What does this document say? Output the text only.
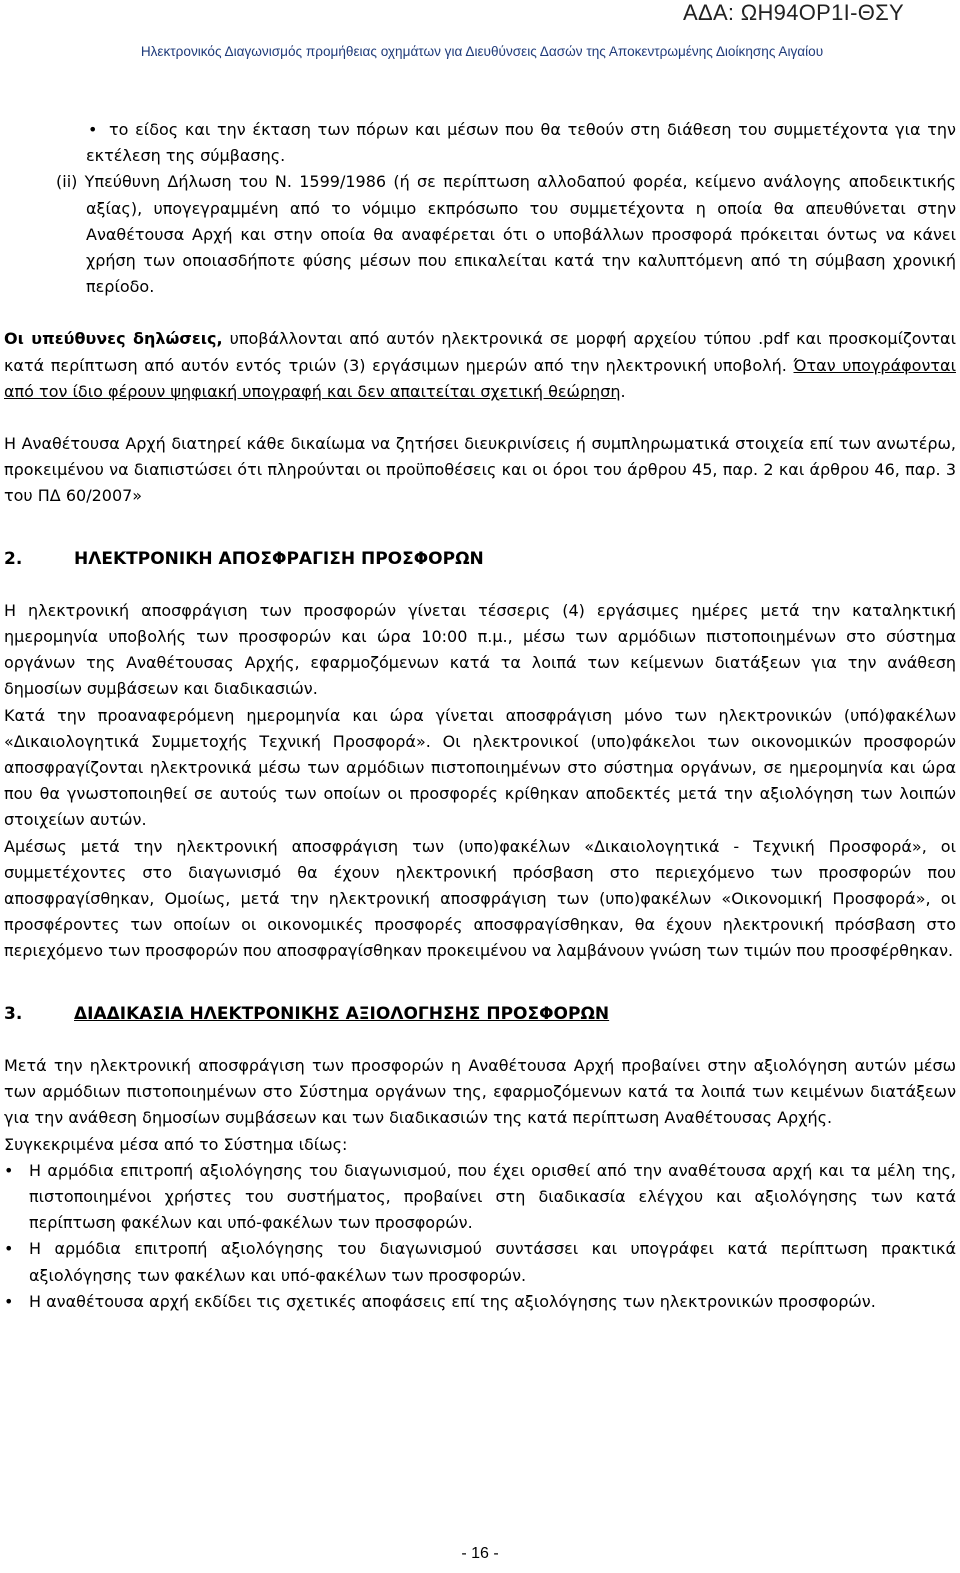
ΑΔΑ: ΩΗ94ΟΡ1Ι-ΘΣΥ
Ηλεκτρονικός Διαγωνισμός προμήθειας οχημάτων για Διευθύνσεις Δασών της Αποκεντρωμένης Διοίκησης Αιγαίου

• το είδος και την έκταση των πόρων και μέσων που θα τεθούν στη διάθεση του συμμετέχοντα για την εκτέλεση της σύμβασης.

(ii) Υπεύθυνη Δήλωση του Ν. 1599/1986 (ή σε περίπτωση αλλοδαπού φορέα, κείμενο ανάλογης αποδεικτικής αξίας), υπογεγραμμένη από το νόμιμο εκπρόσωπο του συμμετέχοντα η οποία θα απευθύνεται στην Αναθέτουσα Αρχή και στην οποία θα αναφέρεται ότι ο υποβάλλων προσφορά πρόκειται όντως να κάνει χρήση των οποιασδήποτε φύσης μέσων που επικαλείται κατά την καλυπτόμενη από τη σύμβαση χρονική περίοδο.

Οι υπεύθυνες δηλώσεις, υποβάλλονται από αυτόν ηλεκτρονικά σε μορφή αρχείου τύπου .pdf και προσκομίζονται κατά περίπτωση από αυτόν εντός τριών (3) εργάσιμων ημερών από την ηλεκτρονική υποβολή. Όταν υπογράφονται από τον ίδιο φέρουν ψηφιακή υπογραφή και δεν απαιτείται σχετική θεώρηση.

Η Αναθέτουσα Αρχή διατηρεί κάθε δικαίωμα να ζητήσει διευκρινίσεις ή συμπληρωματικά στοιχεία επί των ανωτέρω, προκειμένου να διαπιστώσει ότι πληρούνται οι προϋποθέσεις και οι όροι του άρθρου 45, παρ. 2 και άρθρου 46, παρ. 3 του ΠΔ 60/2007»

2.	ΗΛΕΚΤΡΟΝΙΚΗ ΑΠΟΣΦΡΑΓΙΣΗ ΠΡΟΣΦΟΡΩΝ

Η ηλεκτρονική αποσφράγιση των προσφορών γίνεται τέσσερις (4) εργάσιμες ημέρες μετά την καταληκτική ημερομηνία υποβολής των προσφορών και ώρα 10:00 π.μ., μέσω των αρμόδιων πιστοποιημένων στο σύστημα οργάνων της Αναθέτουσας Αρχής, εφαρμοζόμενων κατά τα λοιπά των κείμενων διατάξεων για την ανάθεση δημοσίων συμβάσεων και διαδικασιών.

Κατά την προαναφερόμενη ημερομηνία και ώρα γίνεται αποσφράγιση μόνο των ηλεκτρονικών (υπό)φακέλων «Δικαιολογητικά Συμμετοχής Τεχνική Προσφορά». Οι ηλεκτρονικοί (υπο)φάκελοι των οικονομικών προσφορών αποσφραγίζονται ηλεκτρονικά μέσω των αρμόδιων πιστοποιημένων στο σύστημα οργάνων, σε ημερομηνία και ώρα που θα γνωστοποιηθεί σε αυτούς των οποίων οι προσφορές κρίθηκαν αποδεκτές μετά την αξιολόγηση των λοιπών στοιχείων αυτών.

Αμέσως μετά την ηλεκτρονική αποσφράγιση των (υπο)φακέλων «Δικαιολογητικά - Τεχνική Προσφορά», οι συμμετέχοντες στο διαγωνισμό θα έχουν ηλεκτρονική πρόσβαση στο περιεχόμενο των προσφορών που αποσφραγίσθηκαν, Ομοίως, μετά την ηλεκτρονική αποσφράγιση των (υπο)φακέλων «Οικονομική Προσφορά», οι προσφέροντες των οποίων οι οικονομικές προσφορές αποσφραγίσθηκαν, θα έχουν ηλεκτρονική πρόσβαση στο περιεχόμενο των προσφορών που αποσφραγίσθηκαν προκειμένου να λαμβάνουν γνώση των τιμών που προσφέρθηκαν.

3.	ΔΙΑΔΙΚΑΣΙΑ ΗΛΕΚΤΡΟΝΙΚΗΣ ΑΞΙΟΛΟΓΗΣΗΣ ΠΡΟΣΦΟΡΩΝ

Μετά την ηλεκτρονική αποσφράγιση των προσφορών η Αναθέτουσα Αρχή προβαίνει στην αξιολόγηση αυτών μέσω των αρμόδιων πιστοποιημένων στο Σύστημα οργάνων της, εφαρμοζόμενων κατά τα λοιπά των κειμένων διατάξεων για την ανάθεση δημοσίων συμβάσεων και των διαδικασιών της κατά περίπτωση Αναθέτουσας Αρχής.

Συγκεκριμένα μέσα από το Σύστημα ιδίως:

• Η αρμόδια επιτροπή αξιολόγησης του διαγωνισμού, που έχει ορισθεί από την αναθέτουσα αρχή και τα μέλη της, πιστοποιημένοι χρήστες του συστήματος, προβαίνει στη διαδικασία ελέγχου και αξιολόγησης των κατά περίπτωση φακέλων και υπό-φακέλων των προσφορών.
• Η αρμόδια επιτροπή αξιολόγησης του διαγωνισμού συντάσσει και υπογράφει κατά περίπτωση πρακτικά αξιολόγησης των φακέλων και υπό-φακέλων των προσφορών.
• Η αναθέτουσα αρχή εκδίδει τις σχετικές αποφάσεις επί της αξιολόγησης των ηλεκτρονικών προσφορών.
- 16 -
